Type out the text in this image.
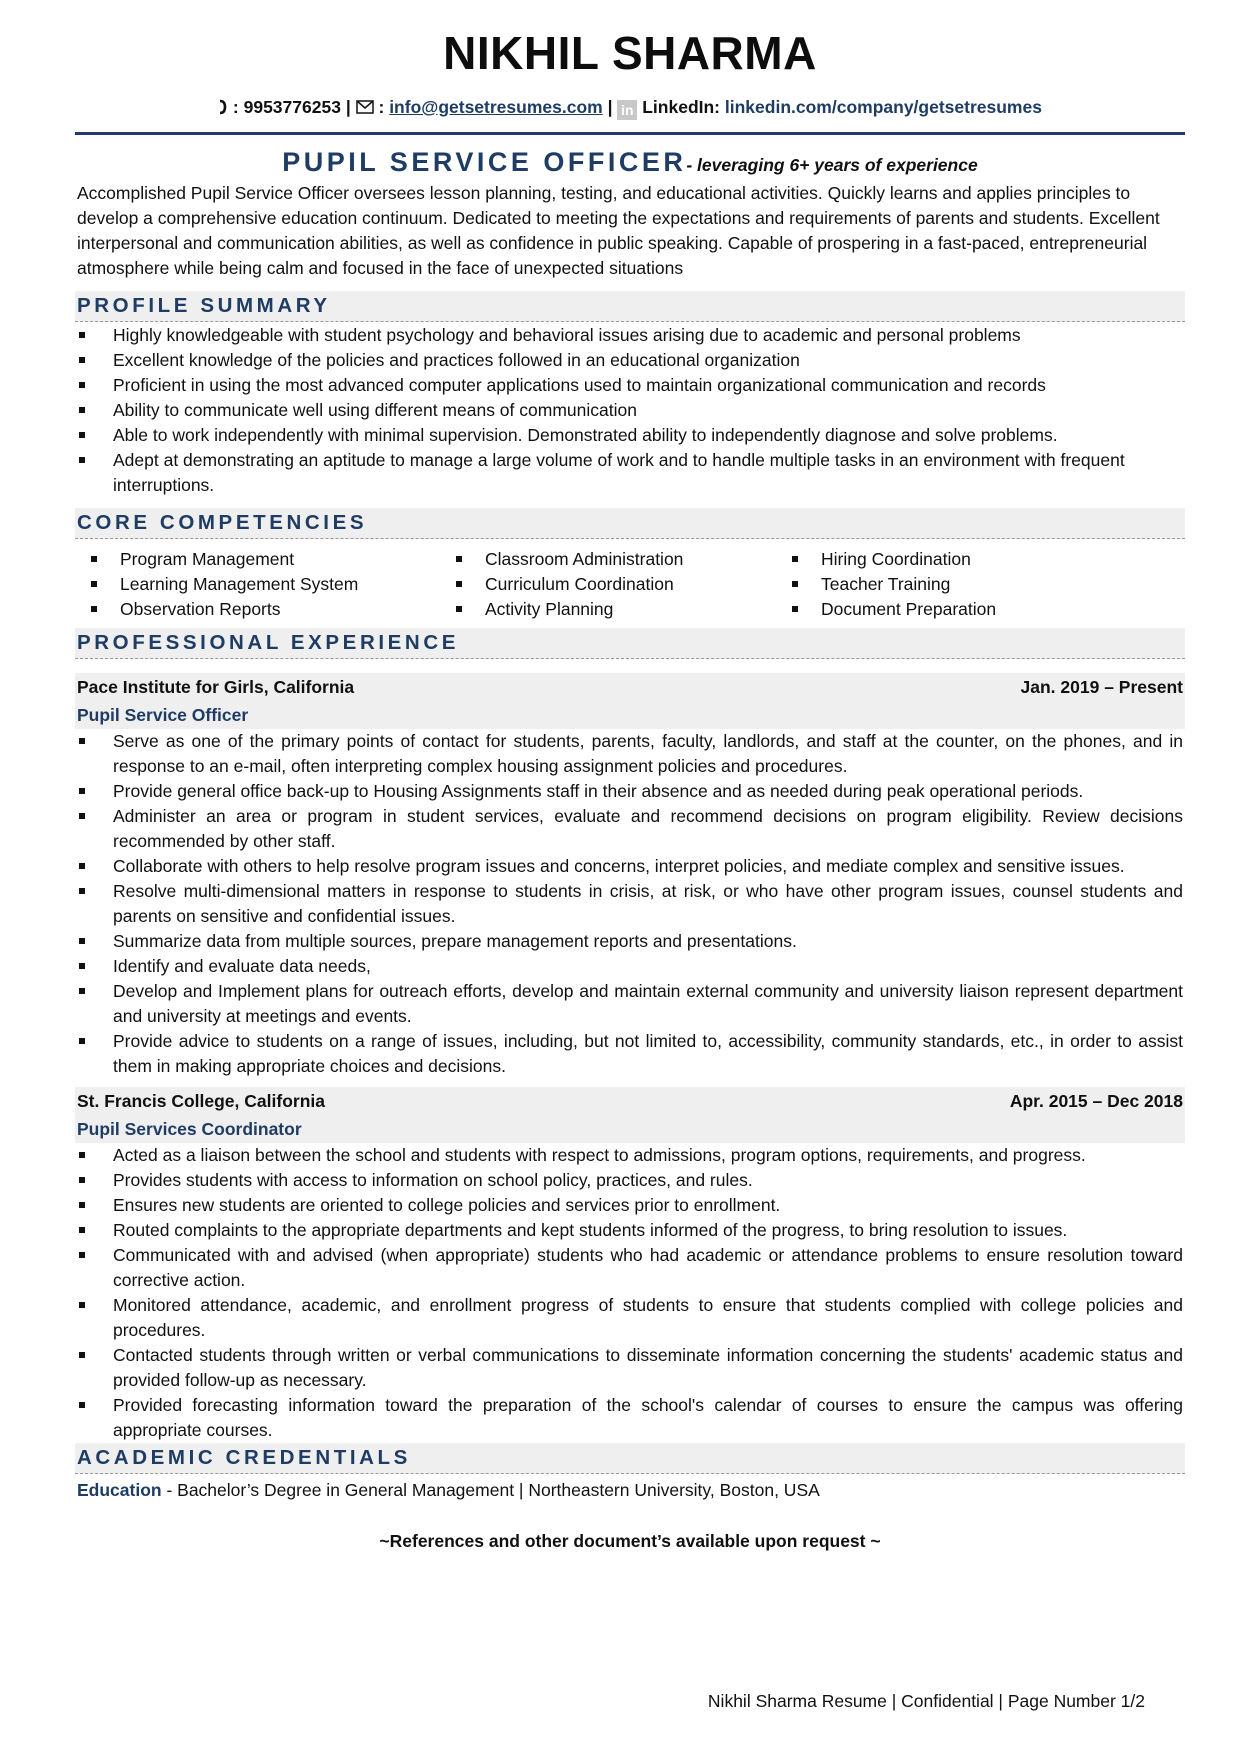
NIKHIL SHARMA
: 9953776253 | : info@getsetresumes.com | in LinkedIn: linkedin.com/company/getsetresumes
PUPIL SERVICE OFFICER- leveraging 6+ years of experience

Accomplished Pupil Service Officer oversees lesson planning, testing, and educational activities. Quickly learns and applies principles to develop a comprehensive education continuum. Dedicated to meeting the expectations and requirements of parents and students. Excellent interpersonal and communication abilities, as well as confidence in public speaking. Capable of prospering in a fast-paced, entrepreneurial atmosphere while being calm and focused in the face of unexpected situations

PROFILE SUMMARY
Highly knowledgeable with student psychology and behavioral issues arising due to academic and personal problems
Excellent knowledge of the policies and practices followed in an educational organization
Proficient in using the most advanced computer applications used to maintain organizational communication and records
Ability to communicate well using different means of communication
Able to work independently with minimal supervision. Demonstrated ability to independently diagnose and solve problems.
Adept at demonstrating an aptitude to manage a large volume of work and to handle multiple tasks in an environment with frequent interruptions.
CORE COMPETENCIES
Program Management
Learning Management System
Observation Reports
Classroom Administration
Curriculum Coordination
Activity Planning
Hiring Coordination
Teacher Training
Document Preparation
PROFESSIONAL EXPERIENCE
Pace Institute for Girls, California	Jan. 2019 – Present
Pupil Service Officer
Serve as one of the primary points of contact for students, parents, faculty, landlords, and staff at the counter, on the phones, and in response to an e-mail, often interpreting complex housing assignment policies and procedures.
Provide general office back-up to Housing Assignments staff in their absence and as needed during peak operational periods.
Administer an area or program in student services, evaluate and recommend decisions on program eligibility. Review decisions recommended by other staff.
Collaborate with others to help resolve program issues and concerns, interpret policies, and mediate complex and sensitive issues.
Resolve multi-dimensional matters in response to students in crisis, at risk, or who have other program issues, counsel students and parents on sensitive and confidential issues.
Summarize data from multiple sources, prepare management reports and presentations.
Identify and evaluate data needs,
Develop and Implement plans for outreach efforts, develop and maintain external community and university liaison represent department and university at meetings and events.
Provide advice to students on a range of issues, including, but not limited to, accessibility, community standards, etc., in order to assist them in making appropriate choices and decisions.
St. Francis College, California	Apr. 2015 – Dec 2018
Pupil Services Coordinator
Acted as a liaison between the school and students with respect to admissions, program options, requirements, and progress.
Provides students with access to information on school policy, practices, and rules.
Ensures new students are oriented to college policies and services prior to enrollment.
Routed complaints to the appropriate departments and kept students informed of the progress, to bring resolution to issues.
Communicated with and advised (when appropriate) students who had academic or attendance problems to ensure resolution toward corrective action.
Monitored attendance, academic, and enrollment progress of students to ensure that students complied with college policies and procedures.
Contacted students through written or verbal communications to disseminate information concerning the students' academic status and provided follow-up as necessary.
Provided forecasting information toward the preparation of the school's calendar of courses to ensure the campus was offering appropriate courses.
ACADEMIC CREDENTIALS
Education - Bachelor’s Degree in General Management | Northeastern University, Boston, USA
~References and other document’s available upon request ~
Nikhil Sharma Resume | Confidential | Page Number 1/2
